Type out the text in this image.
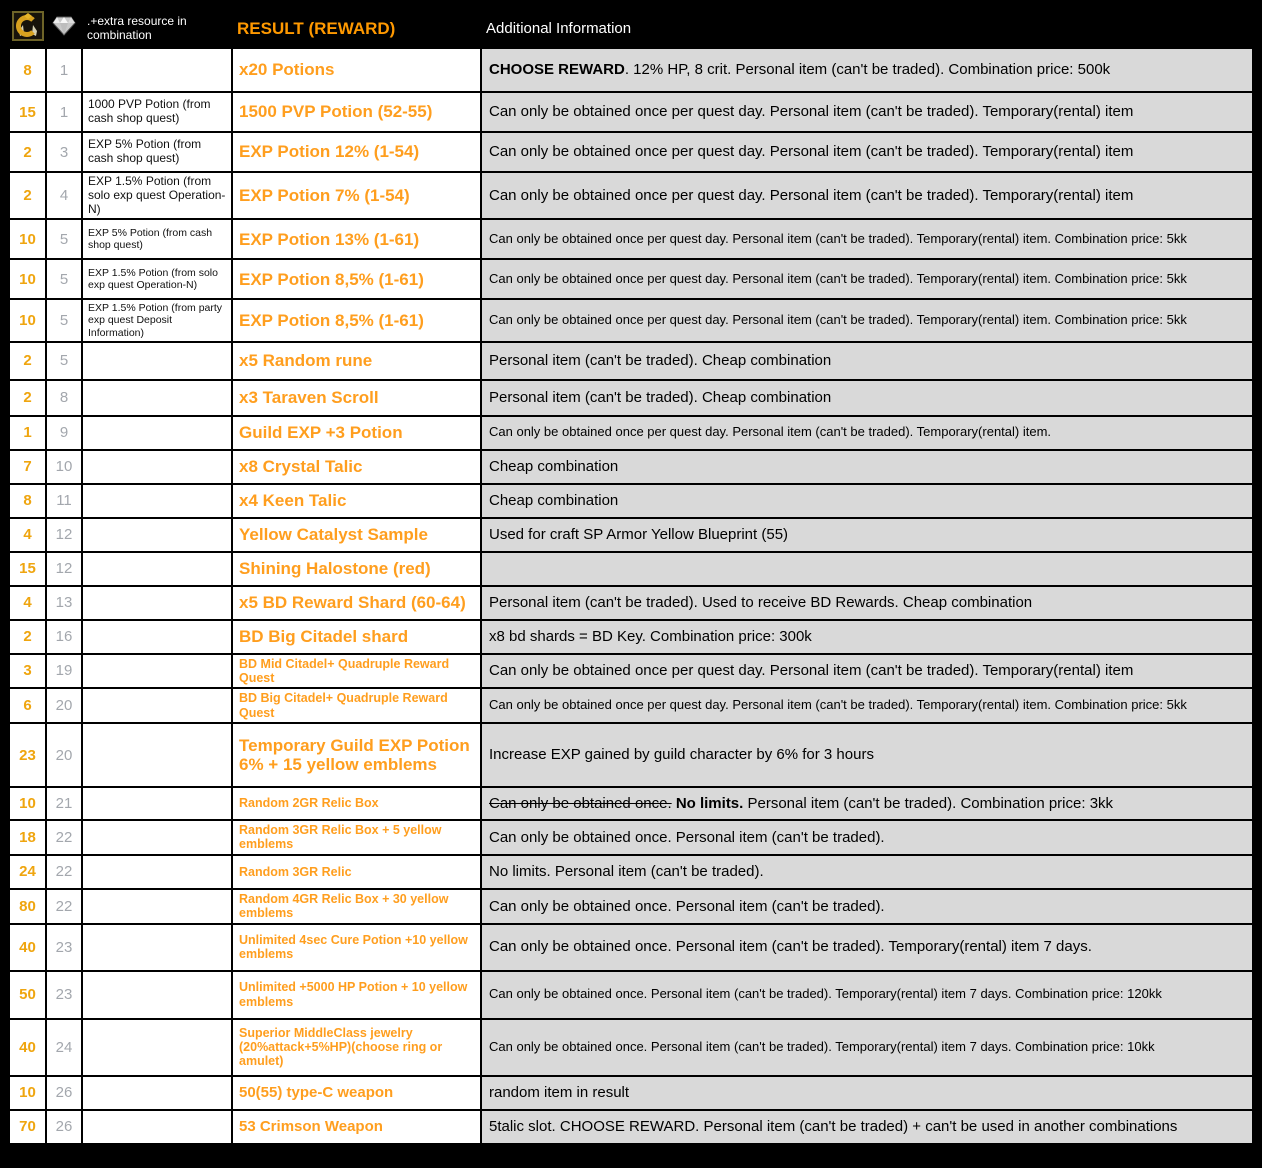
		.+extra resource in combination	RESULT (REWARD)	Additional Information
8	1		x20 Potions	CHOOSE REWARD. 12% HP, 8 crit. Personal item (can't be traded). Combination price: 500k
15	1	1000 PVP Potion (from cash shop quest)	1500 PVP Potion (52-55)	Can only be obtained once per quest day. Personal item (can't be traded). Temporary(rental) item
2	3	EXP 5% Potion (from cash shop quest)	EXP Potion 12% (1-54)	Can only be obtained once per quest day. Personal item (can't be traded). Temporary(rental) item
2	4	EXP 1.5% Potion (from solo exp quest Operation-N)	EXP Potion 7% (1-54)	Can only be obtained once per quest day. Personal item (can't be traded). Temporary(rental) item
10	5	EXP 5% Potion (from cash shop quest)	EXP Potion 13% (1-61)	Can only be obtained once per quest day. Personal item (can't be traded). Temporary(rental) item. Combination price: 5kk
10	5	EXP 1.5% Potion (from solo exp quest Operation-N)	EXP Potion 8,5% (1-61)	Can only be obtained once per quest day. Personal item (can't be traded). Temporary(rental) item. Combination price: 5kk
10	5	EXP 1.5% Potion (from party exp quest Deposit Information)	EXP Potion 8,5% (1-61)	Can only be obtained once per quest day. Personal item (can't be traded). Temporary(rental) item. Combination price: 5kk
2	5		x5 Random rune	Personal item (can't be traded). Cheap combination
2	8		x3 Taraven Scroll	Personal item (can't be traded). Cheap combination
1	9		Guild EXP +3 Potion	Can only be obtained once per quest day. Personal item (can't be traded). Temporary(rental) item.
7	10		x8 Crystal Talic	Cheap combination
8	11		x4 Keen Talic	Cheap combination
4	12		Yellow Catalyst Sample	Used for craft SP Armor Yellow Blueprint (55)
15	12		Shining Halostone (red)	
4	13		x5 BD Reward Shard (60-64)	Personal item (can't be traded). Used to receive BD Rewards. Cheap combination
2	16		BD Big Citadel shard	x8 bd shards = BD Key. Combination price: 300k
3	19		BD Mid Citadel+ Quadruple Reward Quest	Can only be obtained once per quest day. Personal item (can't be traded). Temporary(rental) item
6	20		BD Big Citadel+ Quadruple Reward Quest	Can only be obtained once per quest day. Personal item (can't be traded). Temporary(rental) item. Combination price: 5kk
23	20		Temporary Guild EXP Potion 6% + 15 yellow emblems	Increase EXP gained by guild character by 6% for 3 hours
10	21		Random 2GR Relic Box	Can only be obtained once. No limits. Personal item (can't be traded). Combination price: 3kk
18	22		Random 3GR Relic Box + 5 yellow emblems	Can only be obtained once. Personal item (can't be traded).
24	22		Random 3GR Relic	No limits. Personal item (can't be traded).
80	22		Random 4GR Relic Box + 30 yellow emblems	Can only be obtained once. Personal item (can't be traded).
40	23		Unlimited 4sec Cure Potion +10 yellow emblems	Can only be obtained once. Personal item (can't be traded). Temporary(rental) item 7 days.
50	23		Unlimited +5000 HP Potion + 10 yellow emblems	Can only be obtained once. Personal item (can't be traded). Temporary(rental) item 7 days. Combination price: 120kk
40	24		Superior MiddleClass jewelry (20%attack+5%HP)(choose ring or amulet)	Can only be obtained once. Personal item (can't be traded). Temporary(rental) item 7 days. Combination price: 10kk
10	26		50(55) type-C weapon	random item in result
70	26		53 Crimson Weapon	5talic slot. CHOOSE REWARD. Personal item (can't be traded) + can't be used in another combinations
